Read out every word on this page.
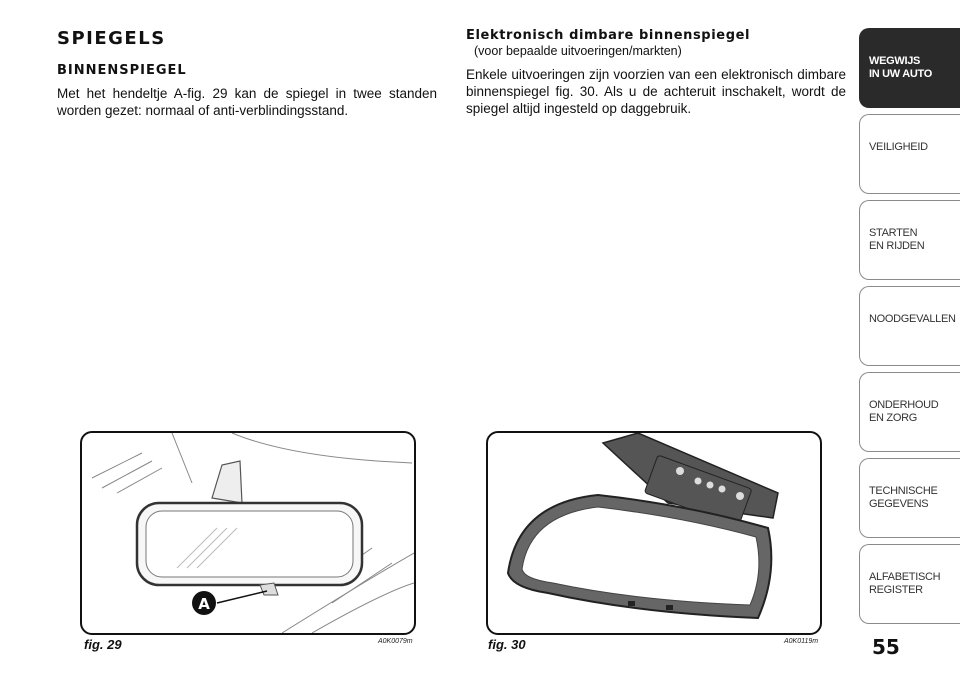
SPIEGELS
BINNENSPIEGEL

Met het hendeltje A-fig. 29 kan de spiegel in twee standen worden gezet: normaal of anti-verblindingsstand.

Elektronisch dimbare binnenspiegel
(voor bepaalde uitvoeringen/markten)

Enkele uitvoeringen zijn voorzien van een elektronisch dimbare binnenspiegel fig. 30. Als u de achteruit inschakelt, wordt de spiegel altijd ingesteld op daggebruik.

A
fig. 29	A0K0079m	fig. 30	A0K0119m	55
WEGWIJS
IN UW AUTO
VEILIGHEID
STARTEN
EN RIJDEN
NOODGEVALLEN
ONDERHOUD
EN ZORG
TECHNISCHE
GEGEVENS
ALFABETISCH
REGISTER
